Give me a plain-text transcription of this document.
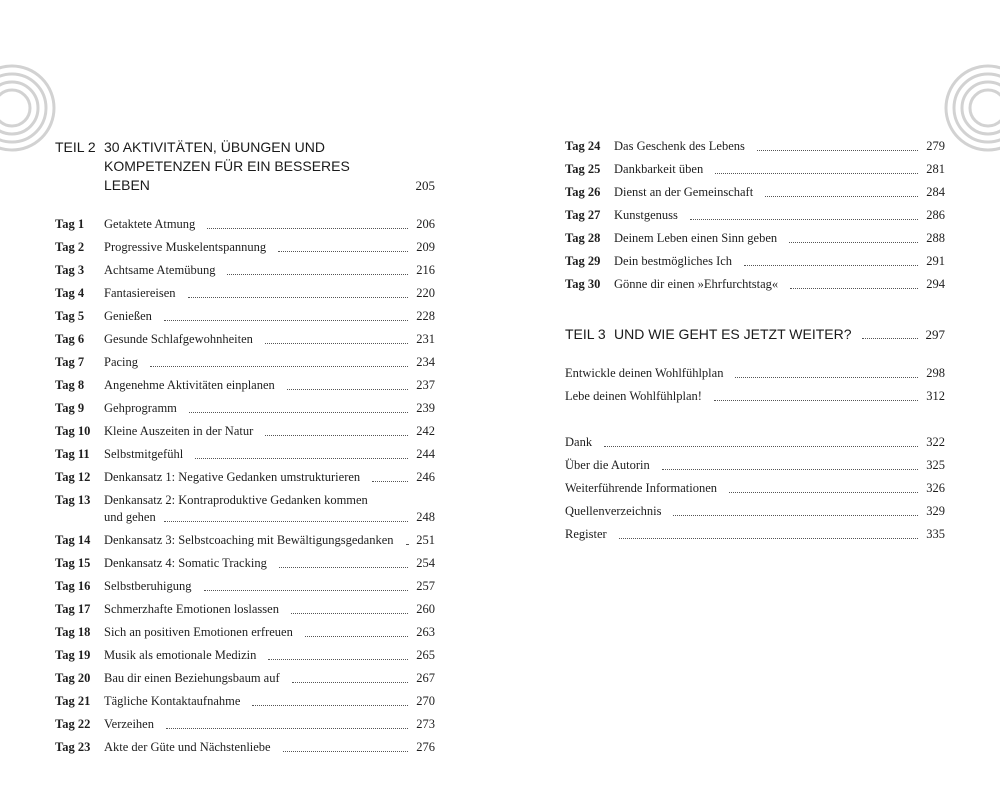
TEIL 2 30 AKTIVITÄTEN, ÜBUNGEN UND
KOMPETENZEN FÜR EIN BESSERES LEBEN	205
Tag 1	Getaktete Atmung	206
Tag 2	Progressive Muskelentspannung	209
Tag 3	Achtsame Atemübung	216
Tag 4	Fantasiereisen	220
Tag 5	Genießen	228
Tag 6	Gesunde Schlafgewohnheiten	231
Tag 7	Pacing	234
Tag 8	Angenehme Aktivitäten einplanen	237
Tag 9	Gehprogramm	239
Tag 10	Kleine Auszeiten in der Natur	242
Tag 11	Selbstmitgefühl	244
Tag 12	Denkansatz 1: Negative Gedanken umstrukturieren	246
Tag 13	Denkansatz 2: Kontraproduktive Gedanken kommen
und gehen	248
Tag 14	Denkansatz 3: Selbstcoaching mit Bewältigungsgedanken 251
Tag 15	Denkansatz 4: Somatic Tracking	254
Tag 16	Selbstberuhigung	257
Tag 17	Schmerzhafte Emotionen loslassen	260
Tag 18	Sich an positiven Emotionen erfreuen	263
Tag 19	Musik als emotionale Medizin	265
Tag 20	Bau dir einen Beziehungsbaum auf	267
Tag 21	Tägliche Kontaktaufnahme	270
Tag 22	Verzeihen	273
Tag 23	Akte der Güte und Nächstenliebe	276
Tag 24	Das Geschenk des Lebens	279
Tag 25	Dankbarkeit üben	281
Tag 26	Dienst an der Gemeinschaft	284
Tag 27	Kunstgenuss	286
Tag 28	Deinem Leben einen Sinn geben	288
Tag 29	Dein bestmögliches Ich	291
Tag 30	Gönne dir einen »Ehrfurchtstag«	294
TEIL 3 UND WIE GEHT ES JETZT WEITER?	297
Entwickle deinen Wohlfühlplan	298
Lebe deinen Wohlfühlplan!	312
Dank	322
Über die Autorin	325
Weiterführende Informationen	326
Quellenverzeichnis	329
Register	335
